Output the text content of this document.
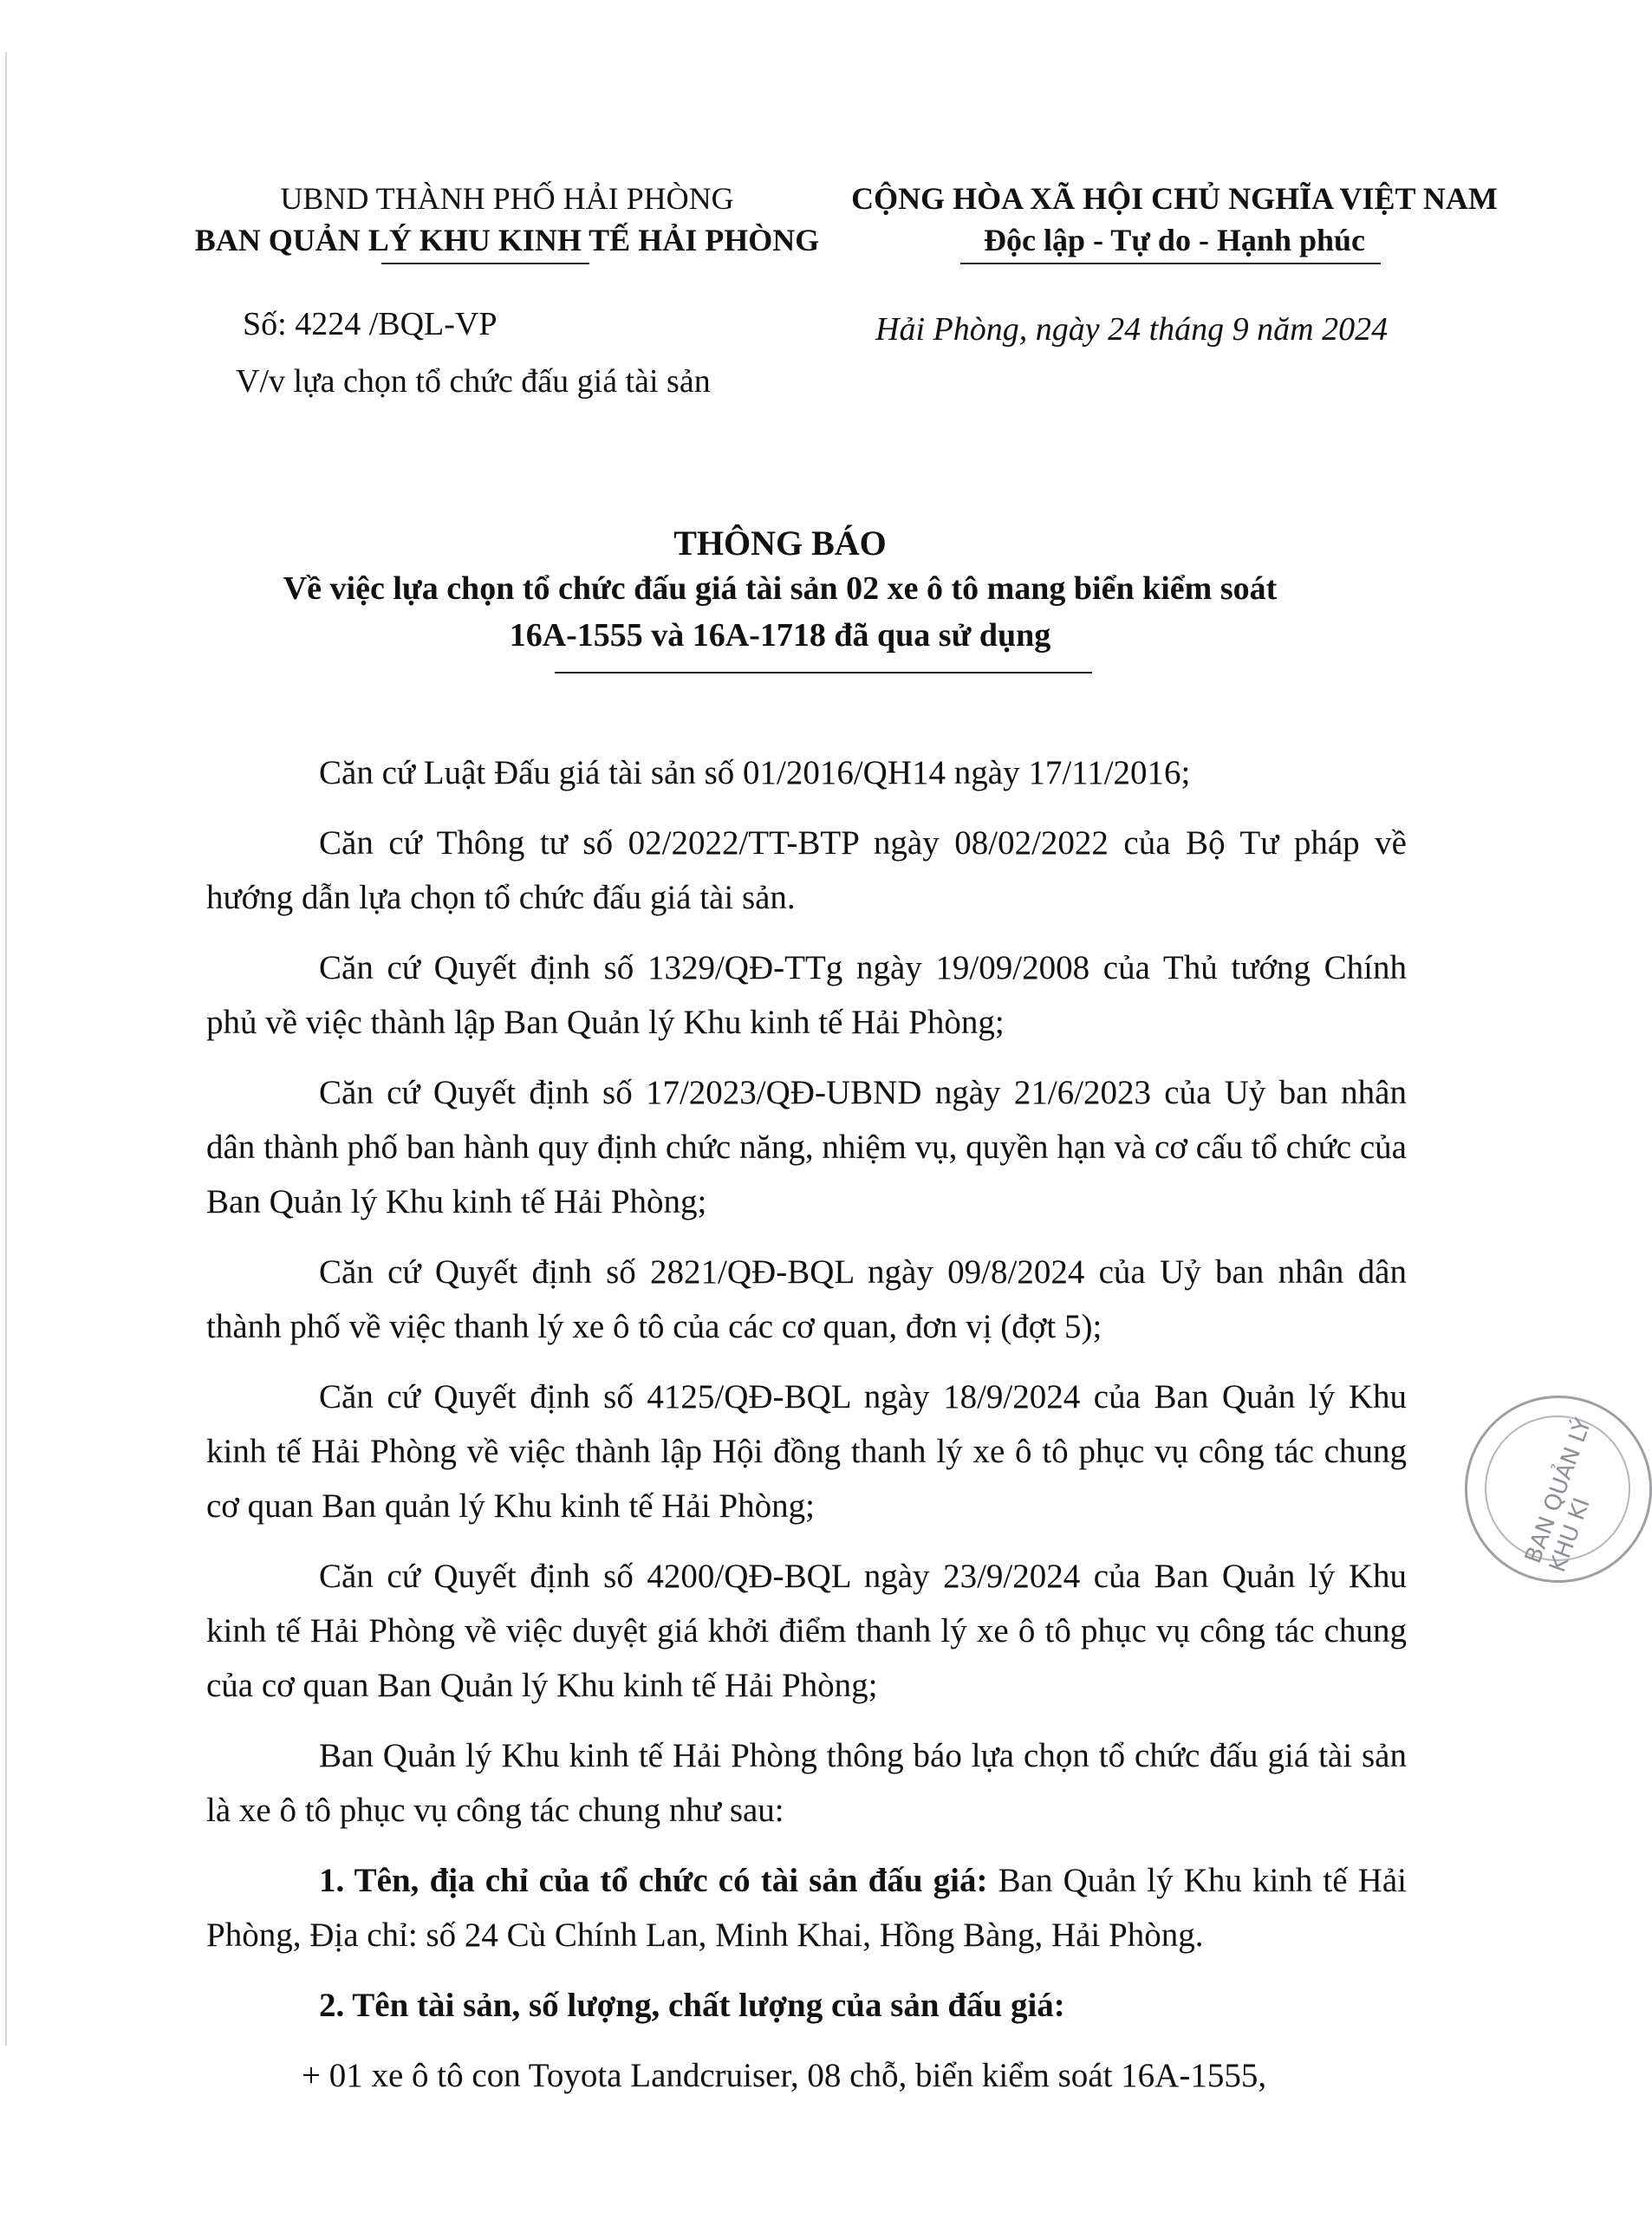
UBND THÀNH PHỐ HẢI PHÒNG
BAN QUẢN LÝ KHU KINH TẾ HẢI PHÒNG
CỘNG HÒA XÃ HỘI CHỦ NGHĨA VIỆT NAM
Độc lập - Tự do - Hạnh phúc
Số: 4224 /BQL-VP	Hải Phòng, ngày 24 tháng 9 năm 2024
V/v lựa chọn tổ chức đấu giá tài sản
THÔNG BÁO
Về việc lựa chọn tổ chức đấu giá tài sản 02 xe ô tô mang biển kiểm soát
16A-1555 và 16A-1718 đã qua sử dụng

Căn cứ Luật Đấu giá tài sản số 01/2016/QH14 ngày 17/11/2016;

Căn cứ Thông tư số 02/2022/TT-BTP ngày 08/02/2022 của Bộ Tư pháp về hướng dẫn lựa chọn tổ chức đấu giá tài sản.

Căn cứ Quyết định số 1329/QĐ-TTg ngày 19/09/2008 của Thủ tướng Chính phủ về việc thành lập Ban Quản lý Khu kinh tế Hải Phòng;

Căn cứ Quyết định số 17/2023/QĐ-UBND ngày 21/6/2023 của Uỷ ban nhân dân thành phố ban hành quy định chức năng, nhiệm vụ, quyền hạn và cơ cấu tổ chức của Ban Quản lý Khu kinh tế Hải Phòng;

Căn cứ Quyết định số 2821/QĐ-BQL ngày 09/8/2024 của Uỷ ban nhân dân thành phố về việc thanh lý xe ô tô của các cơ quan, đơn vị (đợt 5);

Căn cứ Quyết định số 4125/QĐ-BQL ngày 18/9/2024 của Ban Quản lý Khu kinh tế Hải Phòng về việc thành lập Hội đồng thanh lý xe ô tô phục vụ công tác chung cơ quan Ban quản lý Khu kinh tế Hải Phòng;

Căn cứ Quyết định số 4200/QĐ-BQL ngày 23/9/2024 của Ban Quản lý Khu kinh tế Hải Phòng về việc duyệt giá khởi điểm thanh lý xe ô tô phục vụ công tác chung của cơ quan Ban Quản lý Khu kinh tế Hải Phòng;

Ban Quản lý Khu kinh tế Hải Phòng thông báo lựa chọn tổ chức đấu giá tài sản là xe ô tô phục vụ công tác chung như sau:

1. Tên, địa chỉ của tổ chức có tài sản đấu giá: Ban Quản lý Khu kinh tế Hải Phòng, Địa chỉ: số 24 Cù Chính Lan, Minh Khai, Hồng Bàng, Hải Phòng.

2. Tên tài sản, số lượng, chất lượng của sản đấu giá:

+ 01 xe ô tô con Toyota Landcruiser, 08 chỗ, biển kiểm soát 16A-1555,

BAN QUẢN LÝ KHU KI
